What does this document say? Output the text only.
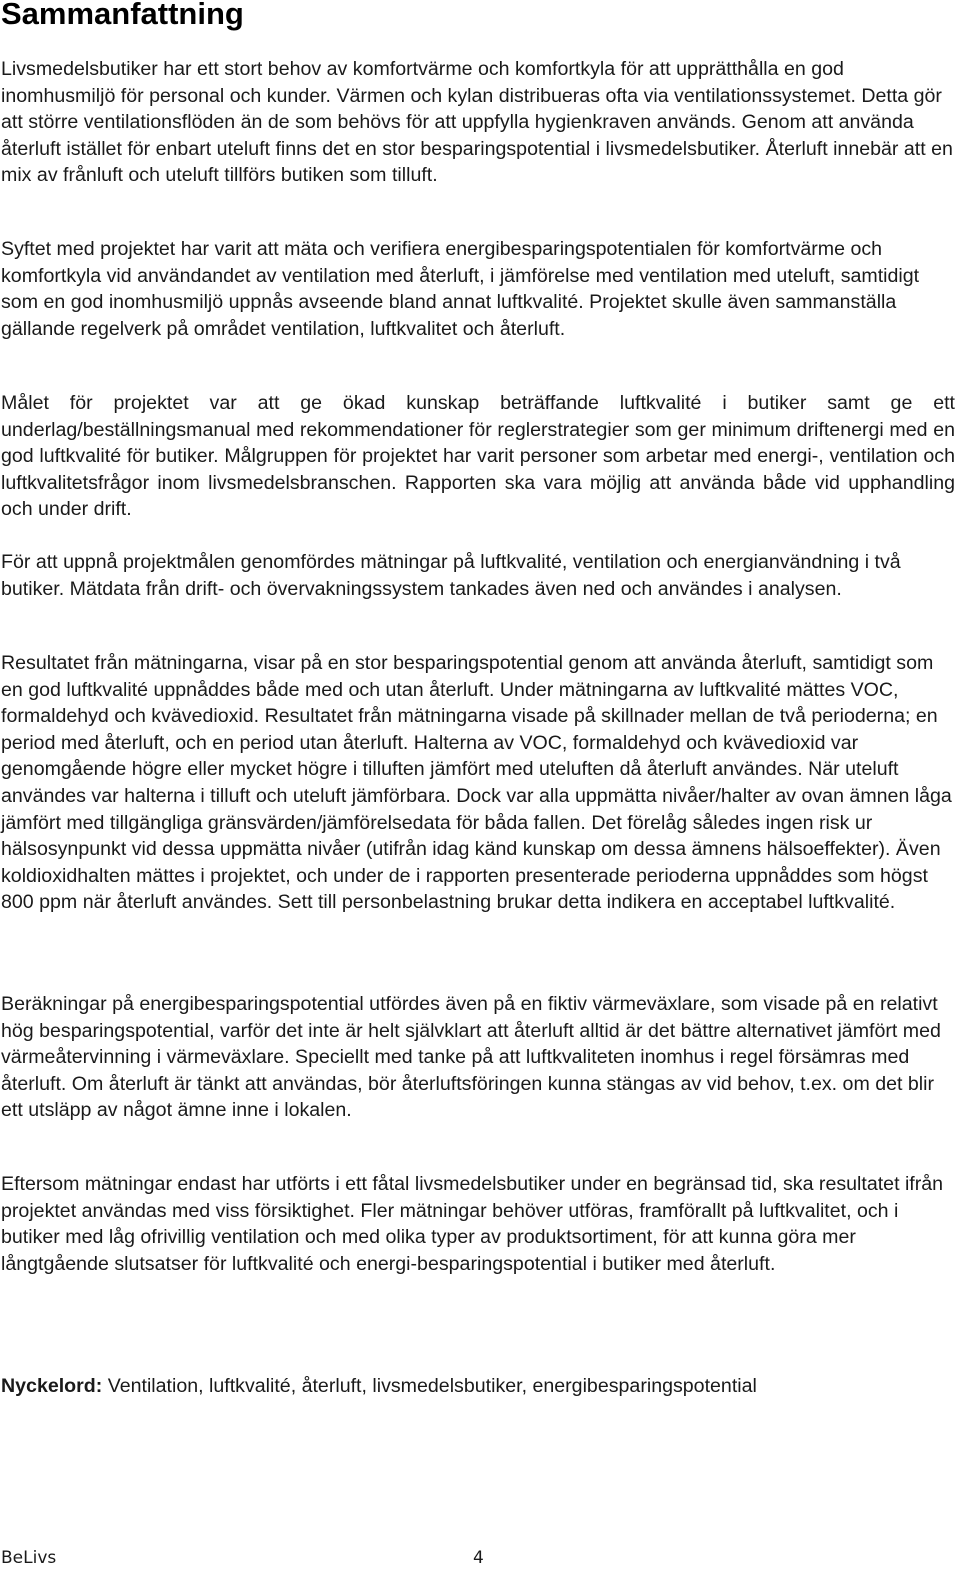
Sammanfattning

Livsmedelsbutiker har ett stort behov av komfortvärme och komfortkyla för att upprätthålla en god inomhusmiljö för personal och kunder. Värmen och kylan distribueras ofta via ventilationssystemet. Detta gör att större ventilationsflöden än de som behövs för att uppfylla hygienkraven används. Genom att använda återluft istället för enbart uteluft finns det en stor besparingspotential i livsmedelsbutiker. Återluft innebär att en mix av frånluft och uteluft tillförs butiken som tilluft.

Syftet med projektet har varit att mäta och verifiera energibesparingspotentialen för komfortvärme och komfortkyla vid användandet av ventilation med återluft, i jämförelse med ventilation med uteluft, samtidigt som en god inomhusmiljö uppnås avseende bland annat luftkvalité. Projektet skulle även sammanställa gällande regelverk på området ventilation, luftkvalitet och återluft.

Målet för projektet var att ge ökad kunskap beträffande luftkvalité i butiker samt ge ett underlag/beställningsmanual med rekommendationer för reglerstrategier som ger minimum driftenergi med en god luftkvalité för butiker. Målgruppen för projektet har varit personer som arbetar med energi-, ventilation och luftkvalitetsfrågor inom livsmedelsbranschen. Rapporten ska vara möjlig att använda både vid upphandling och under drift.

För att uppnå projektmålen genomfördes mätningar på luftkvalité, ventilation och energianvändning i två butiker. Mätdata från drift- och övervakningssystem tankades även ned och användes i analysen.

Resultatet från mätningarna, visar på en stor besparingspotential genom att använda återluft, samtidigt som en god luftkvalité uppnåddes både med och utan återluft. Under mätningarna av luftkvalité mättes VOC, formaldehyd och kvävedioxid. Resultatet från mätningarna visade på skillnader mellan de två perioderna; en period med återluft, och en period utan återluft. Halterna av VOC, formaldehyd och kvävedioxid var genomgående högre eller mycket högre i tilluften jämfört med uteluften då återluft användes. När uteluft användes var halterna i tilluft och uteluft jämförbara. Dock var alla uppmätta nivåer/halter av ovan ämnen låga jämfört med tillgängliga gränsvärden/jämförelsedata för båda fallen. Det förelåg således ingen risk ur hälsosynpunkt vid dessa uppmätta nivåer (utifrån idag känd kunskap om dessa ämnens hälsoeffekter). Även koldioxidhalten mättes i projektet, och under de i rapporten presenterade perioderna uppnåddes som högst 800 ppm när återluft användes. Sett till personbelastning brukar detta indikera en acceptabel luftkvalité.

Beräkningar på energibesparingspotential utfördes även på en fiktiv värmeväxlare, som visade på en relativt hög besparingspotential, varför det inte är helt självklart att återluft alltid är det bättre alternativet jämfört med värmeåtervinning i värmeväxlare. Speciellt med tanke på att luftkvaliteten inomhus i regel försämras med återluft. Om återluft är tänkt att användas, bör återluftsföringen kunna stängas av vid behov, t.ex. om det blir ett utsläpp av något ämne inne i lokalen.

Eftersom mätningar endast har utförts i ett fåtal livsmedelsbutiker under en begränsad tid, ska resultatet ifrån projektet användas med viss försiktighet. Fler mätningar behöver utföras, framförallt på luftkvalitet, och i butiker med låg ofrivillig ventilation och med olika typer av produktsortiment, för att kunna göra mer långtgående slutsatser för luftkvalité och energi-besparingspotential i butiker med återluft.

Nyckelord: Ventilation, luftkvalité, återluft, livsmedelsbutiker, energibesparingspotential

BeLivs	4
